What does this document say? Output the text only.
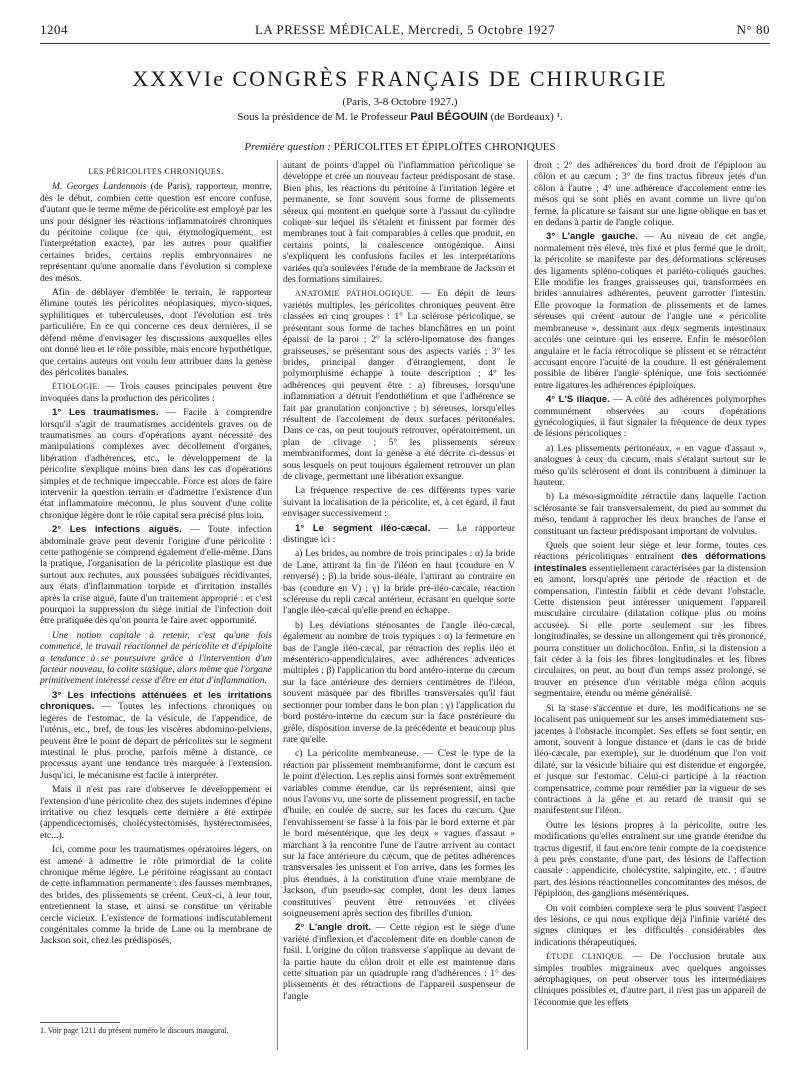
1204	LA PRESSE MÉDICALE, Mercredi, 5 Octobre 1927	N° 80
XXXVIe CONGRÈS FRANÇAIS DE CHIRURGIE
(Paris, 3-8 Octobre 1927.)
Sous la présidence de M. le Professeur Paul BÉGOUIN (de Bordeaux) ¹.
Première question : PÉRICOLITES ET ÉPIPLOÏTES CHRONIQUES

LES PÉRICOLITES CHRONIQUES.

M. Georges Lardennois (de Paris), rapporteur, montre, dès le début, combien cette question est encore confuse, d'autant que le terme même de péricolite est employé par les uns pour désigner les réactions inflammatoires chroniques du péritoine colique (ce qui, étymologiquement, est l'interprétation exacte), par les autres pour qualifier certaines brides, certains replis embryonnaires ne représentant qu'une anomalie dans l'évolution si complexe des mésos.

Afin de déblayer d'emblée le terrain, le rapporteur élimine toutes les péricolites néoplasiques, myco-siques, syphilitiques et tuberculeuses, dont l'évolution est très particulière. En ce qui concerne ces deux dernières, il se défend même d'envisager les discussions auxquelles elles ont donné lieu et le rôle possible, mais encore hypothétique, que certains auteurs ont voulu leur attribuer dans la genèse des péricolites banales.

ÉTIOLOGIE. — Trois causes principales peuvent être invoquées dans la production des péricolites :

1° Les traumatismes. — Facile à comprendre lorsqu'il s'agit de traumatismes accidentels graves ou de traumatismes au cours d'opérations ayant nécessité des manipulations complexes avec décollement d'organes, libération d'adhérences, etc., le développement de la péricolite s'explique moins bien dans les cas d'opérations simples et de technique impeccable. Force est alors de faire intervenir la question terrain et d'admettre l'existence d'un état inflammatoire méconnu, le plus souvent d'une colite chronique légère dont le rôle capital sera précisé plus loin.

2° Les infections aiguës. — Toute infection abdominale grave peut devenir l'origine d'une péricolite : cette pathogénie se comprend également d'elle-même. Dans la pratique, l'organisation de la péricolite plastique est due surtout aux rechutes, aux poussées subaiguës récidivantes, aux états d'inflammation torpide et d'irritation installés après la crise aiguë, faute d'un traitement approprié : et c'est pourquoi la suppression du siège initial de l'infection doit être pratiquée dès qu'on pourra le faire avec opportunité.

Une notion capitale à retenir, c'est qu'une fois commencé, le travail réactionnel de péricolite et d'épiploïte a tendance à se poursuivre grâce à l'intervention d'un facteur nouveau, la colite stasique, alors même que l'organe primitivement intéressé cesse d'être en état d'inflammation.

3° Les infections atténuées et les irritations chroniques. — Toutes les infections chroniques ou légères de l'estomac, de la vésicule, de l'appendice, de l'utérus, etc., bref, de tous les viscères abdomino-pelviens, peuvent être le point de départ de péricolites sur le segment intestinal le plus proche, parfois même à distance, ce processus ayant une tendance très marquée à l'extension. Jusqu'ici, le mécanisme est facile à interpréter.

Mais il n'est pas rare d'observer le développement et l'extension d'une péricolite chez des sujets indemnes d'épine irritative ou chez lesquels cette dernière a été extirpée (appendicectomisés, cholécystectomisés, hystérectomisées, etc...).

Ici, comme pour les traumatismes opératoires légers, on est amené à admettre le rôle primordial de la colite chronique même légère. Le péritoine réagissant au contact de cette inflammation permanente : des fausses membranes, des brides, des plissements se créent. Ceux-ci, à leur tour, entretiennent la stase, et ainsi se constitue un véritable cercle vicieux. L'existence de formations indiscutablement congénitales comme la bride de Lane ou la membrane de Jackson soit, chez les prédisposés,

1. Voir page 1211 du présent numéro le discours inaugural.

autant de points d'appel où l'inflammation péricolique se développe et crée un nouveau facteur prédisposant de stase. Bien plus, les réactions du péritoine à l'irritation légère et permanente, se font souvent sous forme de plissements séreux qui montent en quelque sorte à l'assaut du cylindre colique sur lequel ils s'étalent et finissent par former des membranes tout à fait comparables à celles que produit, en certains points, la coalescence ontogénique. Ainsi s'expliquent les confusions faciles et les interprétations variées qu'a soulevées l'étude de la membrane de Jackson et des formations similaires.

ANATOMIE PATHOLOGIQUE. — En dépit de leurs variétés multiples, les péricolites chroniques peuvent être classées en cinq groupes : 1° La sclérose péricolique, se présentant sous forme de taches blanchâtres en un point épaissi de la paroi ; 2° la scléro-lipomatose des franges graisseuses, se présentant sous des aspects variés ; 3° les brides, principal danger d'étranglement, dont le polymorphisme échappe à toute description ; 4° les adhérences qui peuvent être : a) fibreuses, lorsqu'une inflammation a détruit l'endothélium et que l'adhérence se fait par granulation conjonctive ; b) séreuses, lorsqu'elles résultent de l'accolement de deux surfaces péritonéales. Dans ce cas, on peut toujours retrouver, opératoirement, un plan de clivage ; 5° les plissements séreux membraniformes, dont la genèse a été décrite ci-dessus et sous lesquels on peut toujours également retrouver un plan de clivage, permettant une libération exsangue.

La fréquence respective de ces différents types varie suivant la localisation de la péricolite, et, à cet égard, il faut envisager successivement :

1° Le segment iléo-cæcal. — Le rapporteur distingue ici :

a) Les brides, au nombre de trois principales : α) la bride de Lane, attirant la fin de l'iléon en haut (coudure en V renversé) ; β) la bride sous-iléale, l'attirant au contraire en bas (coudure en V) ; γ) la bride pré-iléo-cæcale, réaction scléreuse du repli cæcal antérieur, écrasant en quelque sorte l'angle iléo-cæcal qu'elle prend en échappe.

b) Les déviations sténosantes de l'angle iléo-cæcal, également au nombre de trois typiques : α) la fermeture en bas de l'angle iléo-cæcal, par rétraction des replis iléo et mésentérico-appendiculaires, avec adhérences adventices multiples ; β) l'application du bord antéro-interne du cæcum sur la face antérieure des derniers centimètres de l'iléon, souvent masquée par des fibrilles transversales qu'il faut sectionner pour tomber dans le bon plan ; γ) l'application du bord postéro-interne du cæcum sur la face postérieure du grêle, disposition inverse de la précédente et beaucoup plus rare qu'elle.

c) La péricolite membraneuse. — C'est le type de la réaction par plissement membraniforme, dont le cæcum est le point d'élection. Les replis ainsi formés sont extrêmement variables comme étendue, car ils représentent, ainsi que nous l'avons vu, une sorte de plissement progressif, en tache d'huile, en coulée de sucre, sur les faces du cæcum. Que l'envahissement se fasse à la fois par le bord externe et par le bord mésentérique, que les deux « vagues d'assaut » marchant à la rencontre l'une de l'autre arrivent au contact sur la face antérieure du cæcum, que de petites adhérences transversales les unissent et l'on arrive, dans les formes les plus étendues, à la constitution d'une vraie membrane de Jackson, d'un pseudo-sac complet, dont les deux lames constitutives peuvent être retrouvées et clivées soigneusement après section des fibrilles d'union.

2° L'angle droit. — Cette région est le siège d'une variété d'inflexion et d'accolement dite en double canon de fusil. L'origine du côlon transverse s'applique au devant de la partie haute du côlon droit et elle est maintenue dans cette situation par un quadruple rang d'adhérences : 1° des plissements et des rétractions de l'appareil suspenseur de l'angle

droit ; 2° des adhérences du bord droit de l'épiploon au côlon et au cæcum ; 3° de fins tractus fibreux jetés d'un côlon à l'autre ; 4° une adhérence d'accolement entre les mésos qui se sont pliés en avant comme un livre qu'on ferme, la plicature se faisant sur une ligne oblique en bas et en dedans à partir de l'angle colique.

3° L'angle gauche. — Au niveau de cet angle, normalement très élevé, très fixé et plus fermé que le droit, la péricolite se manifeste par des déformations scléreuses des ligaments spléno-coliques et pariéto-coliques gauches. Elle modifie les franges graisseuses qui, transformées en brides annulaires adhérentes, peuvent garrotter l'intestin. Elle provoque la formation de plissements et de lames séreuses qui créent autour de l'angle une « péricolite membraneuse », dessinant aux deux segments intestinaux accolés une ceinture qui les enserre. Enfin le mésocôlon angulaire et le facia rétrocolique se plissent et se rétractent accusant encore l'acuité de la coudure. Il est généralement possible de libérer l'angle splénique, une fois sectionnée entre ligatures les adhérences épiploïques.

4° L'S iliaque. — A côté des adhérences polymorphes communément observées au cours d'opérations gynécologiques, il faut signaler la fréquence de deux types de lésions péricoliques :

a) Les plissements péritonéaux, « en vague d'assaut », analogues à ceux du cæcum, mais s'étalant surtout sur le méso qu'ils sclérosent et dont ils contribuent à diminuer la hauteur.

b) La méso-sigmoïdite rétractile dans laquelle l'action sclérosante se fait transversalement, du pied au sommet du méso, tendant à rapprocher les deux branches de l'anse et constituant un facteur prédisposant important de volvulus.

Quels que soient leur siège et leur forme, toutes ces réactions péricolitiques entraînent des déformations intestinales essentiellement caractérisées par la distension en amont, lorsqu'après une période de réaction et de compensation, l'intestin faiblit et cède devant l'obstacle. Cette distension peut intéresser uniquement l'appareil musculaire circulaire (dilatation colique plus ou moins accusée). Si elle porte seulement sur les fibres longitudinales, se dessine un allongement qui très prononcé, pourra constituer un dolichocôlon. Enfin, si la distension a fait céder à la fois les fibres longitudinales et les fibres circulaires, on peut, au bout d'un temps assez prolongé, se trouver en présence d'un véritable méga côlon acquis segmentaire, étendu ou même généralisé.

Si la stase s'accentue et dure, les modifications ne se localisent pas uniquement sur les anses immédiatement sus-jacentes à l'obstacle incomplet. Ses effets se font sentir, en amont, souvent à longue distance et (dans le cas de bride iléo-cæcale, par exemple), sur le duodénum que l'on voit dilaté, sur la vésicule biliaire qui est distendue et engorgée, et jusque sur l'estomac. Celui-ci participe à la réaction compensatrice, comme pour remédier par la vigueur de ses contractions à la gêne et au retard de transit qui se manifestent sur l'iléon.

Outre les lésions propres à la péricolite, outre les modifications qu'elles entraînent sur une grande étendue du tractus digestif, il faut encore tenir compte de la coexistence à peu près constante, d'une part, des lésions de l'affection causale : appendicite, cholécystite, salpingite, etc. ; d'autre part, des lésions réactionnelles concomitantes des mésos, de l'épiploon, des ganglions mésentériques.

On voit combien complexe sera le plus souvent l'aspect des lésions, ce qui nous explique déjà l'infinie variété des signes cliniques et les difficultés considérables des indications thérapeutiques.

ÉTUDE CLINIQUE. — De l'occlusion brutale aux simples troubles migraineux avec quelques angoisses aérophagiques, on peut observer tous les intermédiaires cliniques possibles et, d'autre part, il n'est pas un appareil de l'économie que les effets
